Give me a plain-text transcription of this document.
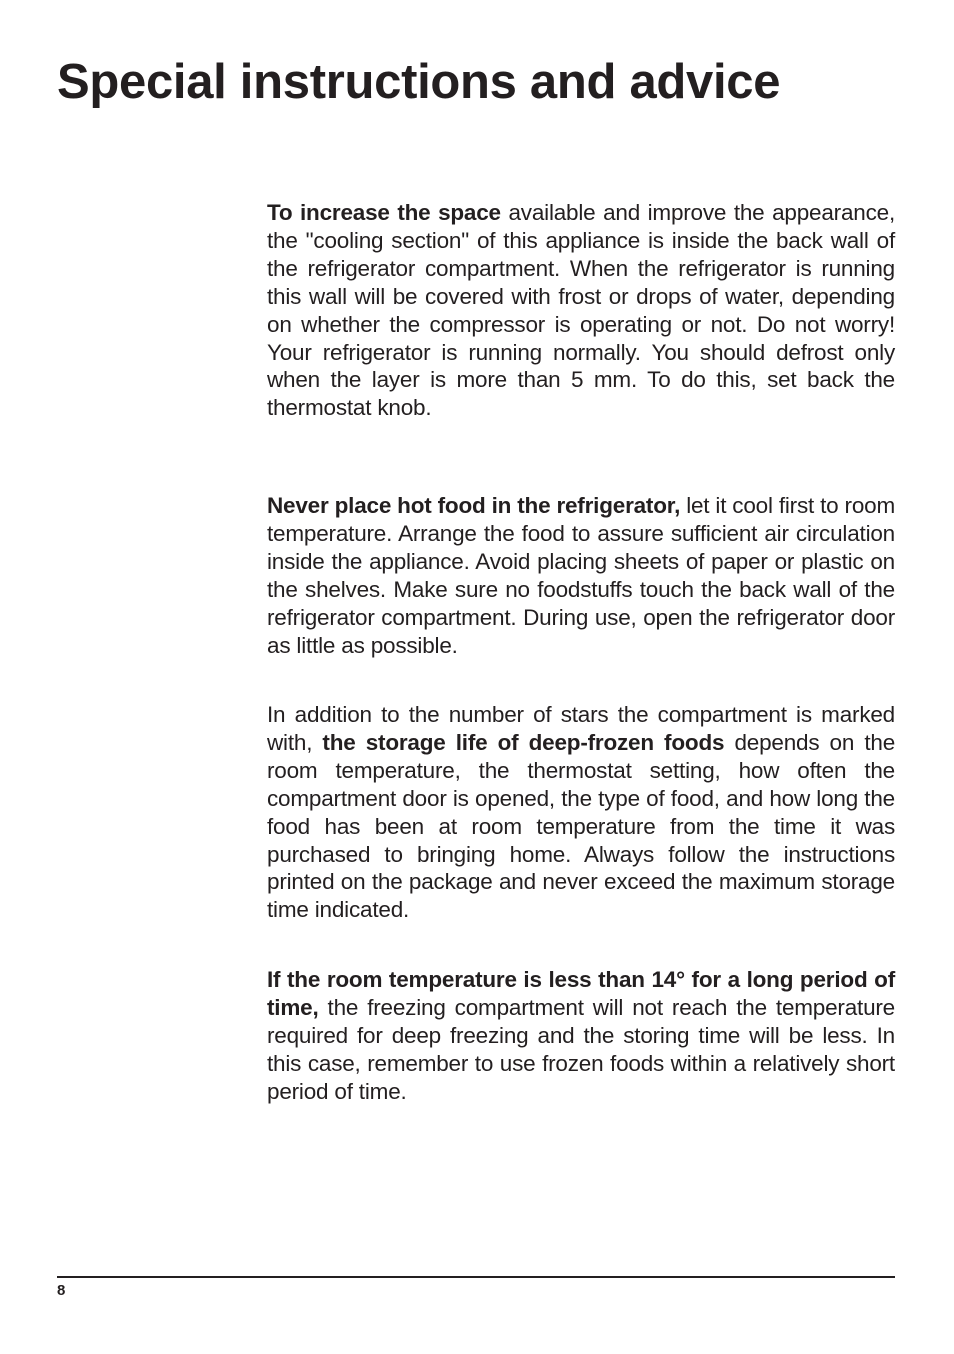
Special instructions and advice

To increase the space available and improve the appearance, the "cooling section" of this appliance is inside the back wall of the refrigerator compartment. When the refrigerator is running this wall will be covered with frost or drops of water, depending on whether the compressor is operating or not. Do not worry! Your refrigerator is running normally. You should defrost only when the layer is more than 5 mm. To do this, set back the thermostat knob.

Never place hot food in the refrigerator, let it cool first to room temperature. Arrange the food to assure sufficient air circulation inside the appliance. Avoid placing sheets of paper or plastic on the shelves. Make sure no foodstuffs touch the back wall of the refrigerator compartment. During use, open the refrigerator door as little as possible.

In addition to the number of stars the compartment is marked with, the storage life of deep-frozen foods depends on the room temperature, the thermostat setting, how often the compartment door is opened, the type of food, and how long the food has been at room temperature from the time it was purchased to bringing home. Always follow the instructions printed on the package and never exceed the maximum storage time indicated.

If the room temperature is less than 14° for a long period of time, the freezing compartment will not reach the temperature required for deep freezing and the storing time will be less. In this case, remember to use frozen foods within a relatively short period of time.

8
